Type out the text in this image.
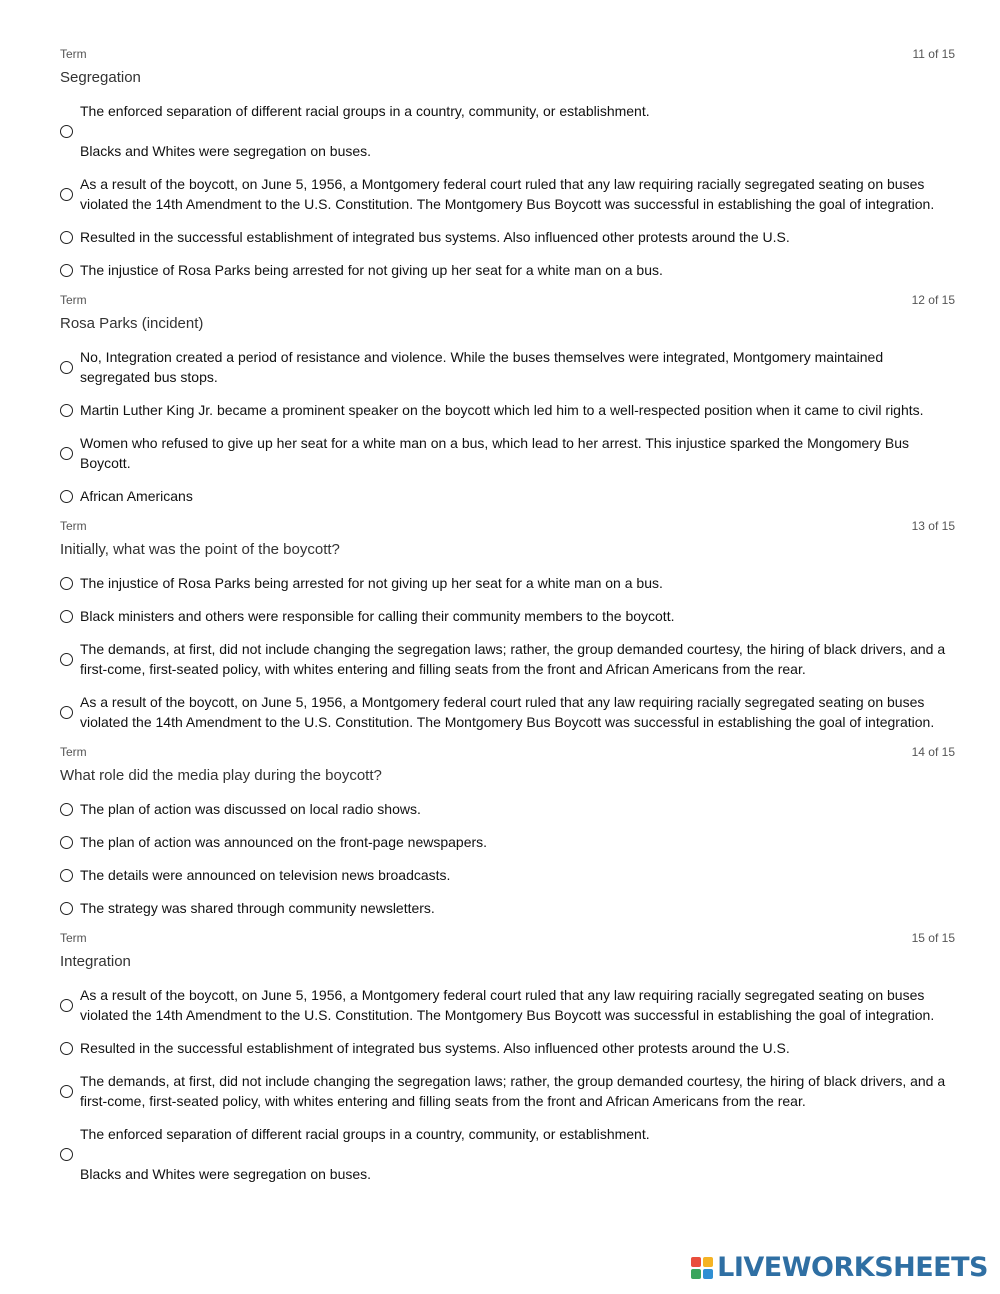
Term	11 of 15
Segregation
The enforced separation of different racial groups in a country, community, or establishment.

Blacks and Whites were segregation on buses.
As a result of the boycott, on June 5, 1956, a Montgomery federal court ruled that any law requiring racially segregated seating on buses violated the 14th Amendment to the U.S. Constitution. The Montgomery Bus Boycott was successful in establishing the goal of integration.
Resulted in the successful establishment of integrated bus systems. Also influenced other protests around the U.S.
The injustice of Rosa Parks being arrested for not giving up her seat for a white man on a bus.
Term	12 of 15
Rosa Parks (incident)
No, Integration created a period of resistance and violence. While the buses themselves were integrated, Montgomery maintained segregated bus stops.
Martin Luther King Jr. became a prominent speaker on the boycott which led him to a well-respected position when it came to civil rights.
Women who refused to give up her seat for a white man on a bus, which lead to her arrest. This injustice sparked the Mongomery Bus Boycott.
African Americans
Term	13 of 15
Initially, what was the point of the boycott?
The injustice of Rosa Parks being arrested for not giving up her seat for a white man on a bus.
Black ministers and others were responsible for calling their community members to the boycott.
The demands, at first, did not include changing the segregation laws; rather, the group demanded courtesy, the hiring of black drivers, and a first-come, first-seated policy, with whites entering and filling seats from the front and African Americans from the rear.
As a result of the boycott, on June 5, 1956, a Montgomery federal court ruled that any law requiring racially segregated seating on buses violated the 14th Amendment to the U.S. Constitution. The Montgomery Bus Boycott was successful in establishing the goal of integration.
Term	14 of 15
What role did the media play during the boycott?
The plan of action was discussed on local radio shows.
The plan of action was announced on the front-page newspapers.
The details were announced on television news broadcasts.
The strategy was shared through community newsletters.
Term	15 of 15
Integration
As a result of the boycott, on June 5, 1956, a Montgomery federal court ruled that any law requiring racially segregated seating on buses violated the 14th Amendment to the U.S. Constitution. The Montgomery Bus Boycott was successful in establishing the goal of integration.
Resulted in the successful establishment of integrated bus systems. Also influenced other protests around the U.S.
The demands, at first, did not include changing the segregation laws; rather, the group demanded courtesy, the hiring of black drivers, and a first-come, first-seated policy, with whites entering and filling seats from the front and African Americans from the rear.
The enforced separation of different racial groups in a country, community, or establishment.

Blacks and Whites were segregation on buses.
LIVEWORKSHEETS
